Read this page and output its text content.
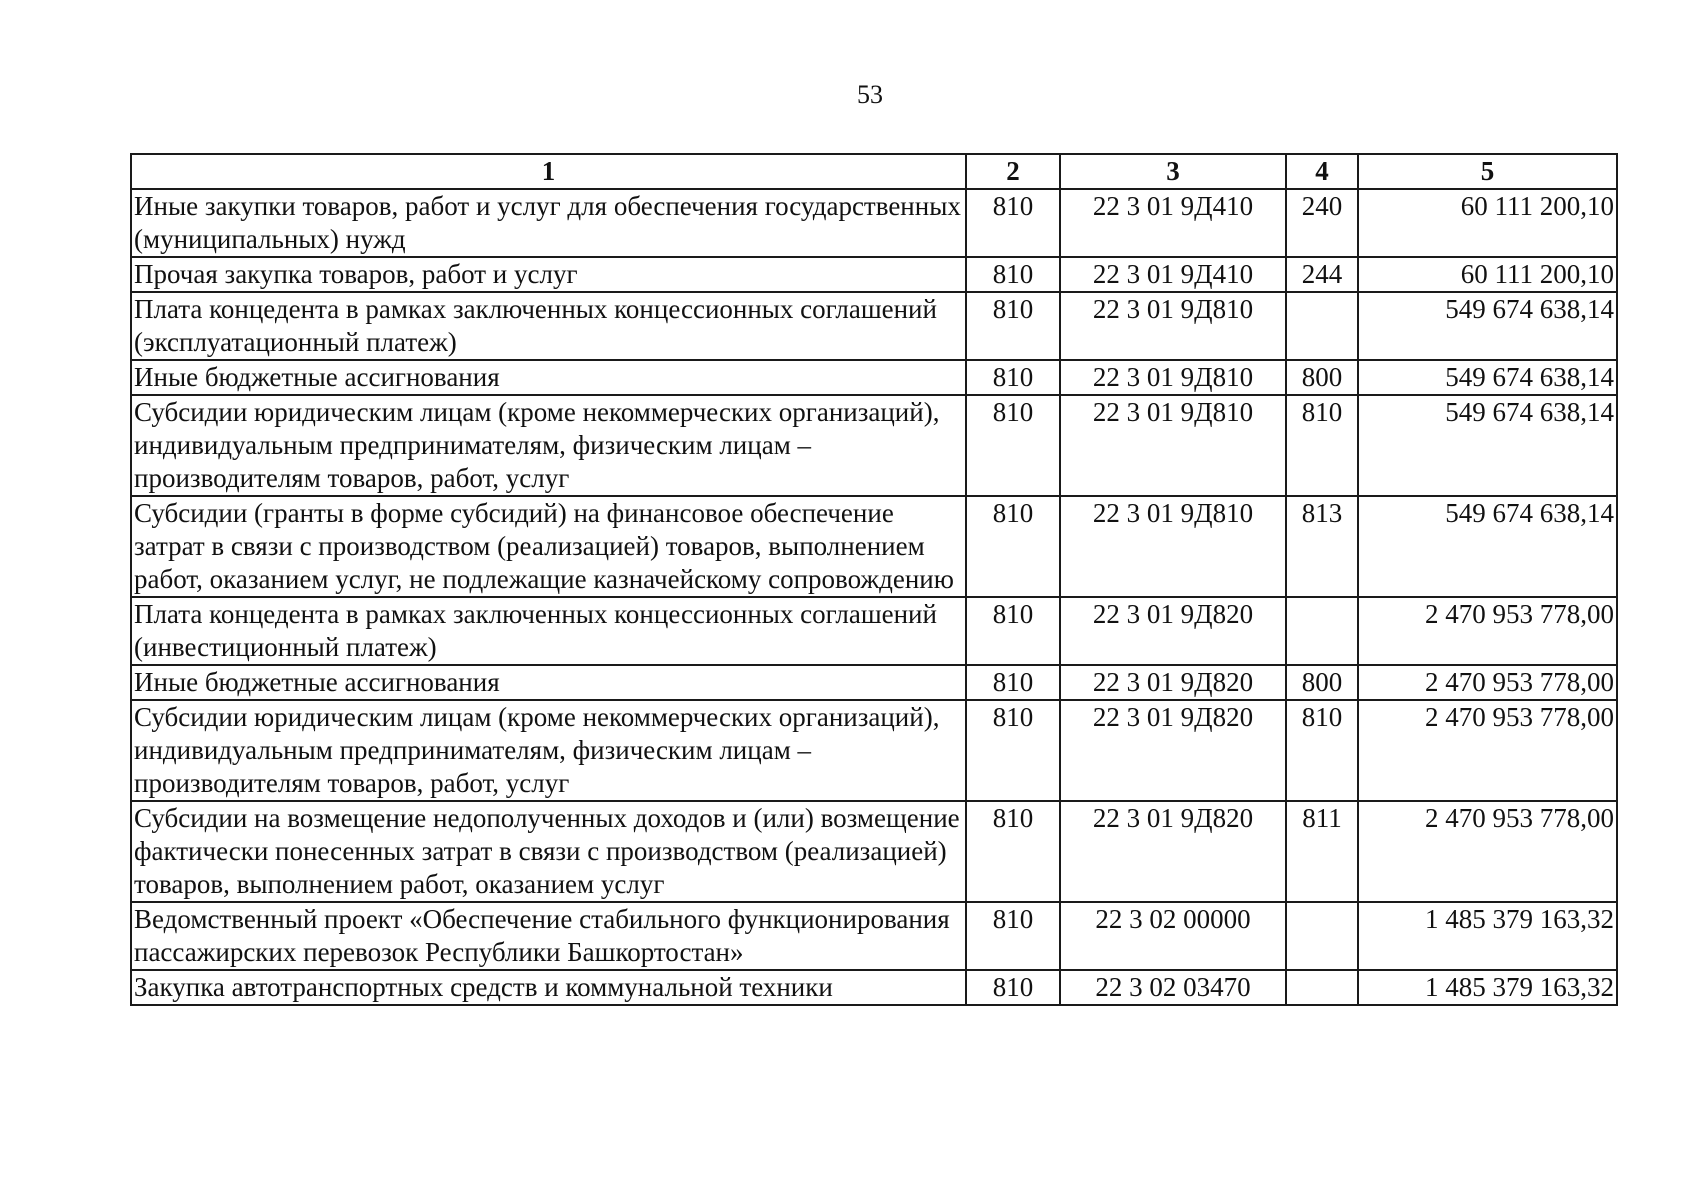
53
1	2	3	4	5
Иные закупки товаров, работ и услуг для обеспечения государственных (муниципальных) нужд	810	22 3 01 9Д410	240	60 111 200,10
Прочая закупка товаров, работ и услуг	810	22 3 01 9Д410	244	60 111 200,10
Плата концедента в рамках заключенных концессионных соглашений (эксплуатационный платеж)	810	22 3 01 9Д810		549 674 638,14
Иные бюджетные ассигнования	810	22 3 01 9Д810	800	549 674 638,14
Субсидии юридическим лицам (кроме некоммерческих организаций), индивидуальным предпринимателям, физическим лицам – производителям товаров, работ, услуг	810	22 3 01 9Д810	810	549 674 638,14
Субсидии (гранты в форме субсидий) на финансовое обеспечение затрат в связи с производством (реализацией) товаров, выполнением работ, оказанием услуг, не подлежащие казначейскому сопровождению	810	22 3 01 9Д810	813	549 674 638,14
Плата концедента в рамках заключенных концессионных соглашений (инвестиционный платеж)	810	22 3 01 9Д820		2 470 953 778,00
Иные бюджетные ассигнования	810	22 3 01 9Д820	800	2 470 953 778,00
Субсидии юридическим лицам (кроме некоммерческих организаций), индивидуальным предпринимателям, физическим лицам – производителям товаров, работ, услуг	810	22 3 01 9Д820	810	2 470 953 778,00
Субсидии на возмещение недополученных доходов и (или) возмещение фактически понесенных затрат в связи с производством (реализацией) товаров, выполнением работ, оказанием услуг	810	22 3 01 9Д820	811	2 470 953 778,00
Ведомственный проект «Обеспечение стабильного функционирования пассажирских перевозок Республики Башкортостан»	810	22 3 02 00000		1 485 379 163,32
Закупка автотранспортных средств и коммунальной техники	810	22 3 02 03470		1 485 379 163,32
